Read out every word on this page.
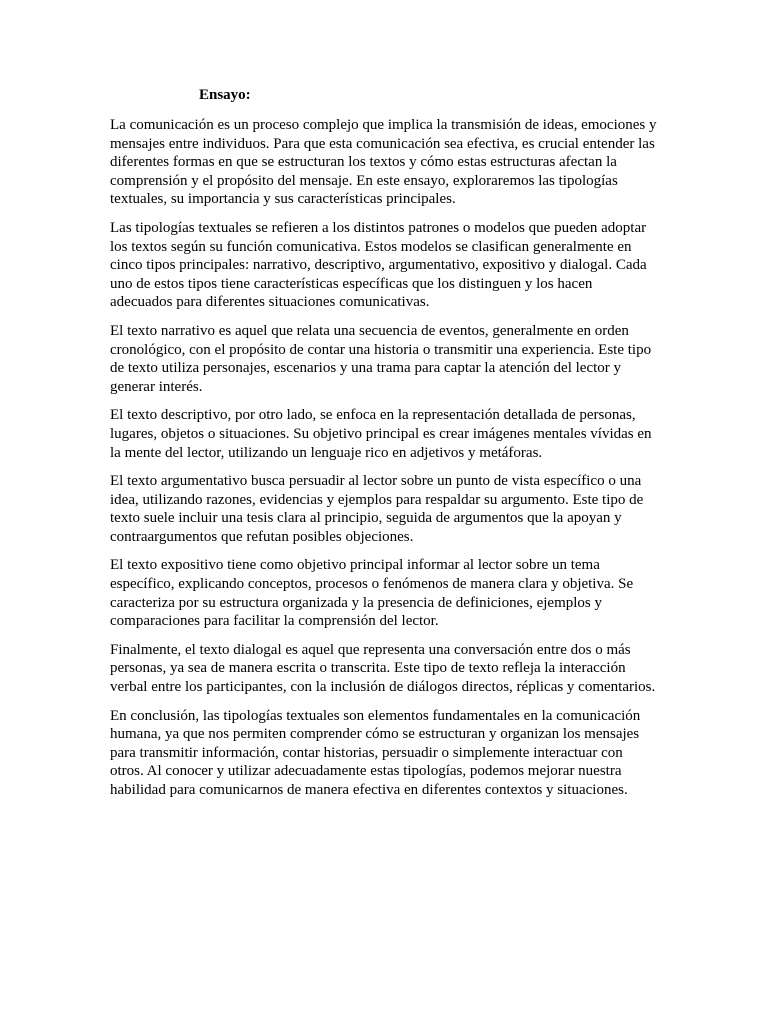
Ensayo:

La comunicación es un proceso complejo que implica la transmisión de ideas, emociones y mensajes entre individuos. Para que esta comunicación sea efectiva, es crucial entender las diferentes formas en que se estructuran los textos y cómo estas estructuras afectan la comprensión y el propósito del mensaje. En este ensayo, exploraremos las tipologías textuales, su importancia y sus características principales.

Las tipologías textuales se refieren a los distintos patrones o modelos que pueden adoptar los textos según su función comunicativa. Estos modelos se clasifican generalmente en cinco tipos principales: narrativo, descriptivo, argumentativo, expositivo y dialogal. Cada uno de estos tipos tiene características específicas que los distinguen y los hacen adecuados para diferentes situaciones comunicativas.

El texto narrativo es aquel que relata una secuencia de eventos, generalmente en orden cronológico, con el propósito de contar una historia o transmitir una experiencia. Este tipo de texto utiliza personajes, escenarios y una trama para captar la atención del lector y generar interés.

El texto descriptivo, por otro lado, se enfoca en la representación detallada de personas, lugares, objetos o situaciones. Su objetivo principal es crear imágenes mentales vívidas en la mente del lector, utilizando un lenguaje rico en adjetivos y metáforas.

El texto argumentativo busca persuadir al lector sobre un punto de vista específico o una idea, utilizando razones, evidencias y ejemplos para respaldar su argumento. Este tipo de texto suele incluir una tesis clara al principio, seguida de argumentos que la apoyan y contraargumentos que refutan posibles objeciones.

El texto expositivo tiene como objetivo principal informar al lector sobre un tema específico, explicando conceptos, procesos o fenómenos de manera clara y objetiva. Se caracteriza por su estructura organizada y la presencia de definiciones, ejemplos y comparaciones para facilitar la comprensión del lector.

Finalmente, el texto dialogal es aquel que representa una conversación entre dos o más personas, ya sea de manera escrita o transcrita. Este tipo de texto refleja la interacción verbal entre los participantes, con la inclusión de diálogos directos, réplicas y comentarios.

En conclusión, las tipologías textuales son elementos fundamentales en la comunicación humana, ya que nos permiten comprender cómo se estructuran y organizan los mensajes para transmitir información, contar historias, persuadir o simplemente interactuar con otros. Al conocer y utilizar adecuadamente estas tipologías, podemos mejorar nuestra habilidad para comunicarnos de manera efectiva en diferentes contextos y situaciones.
